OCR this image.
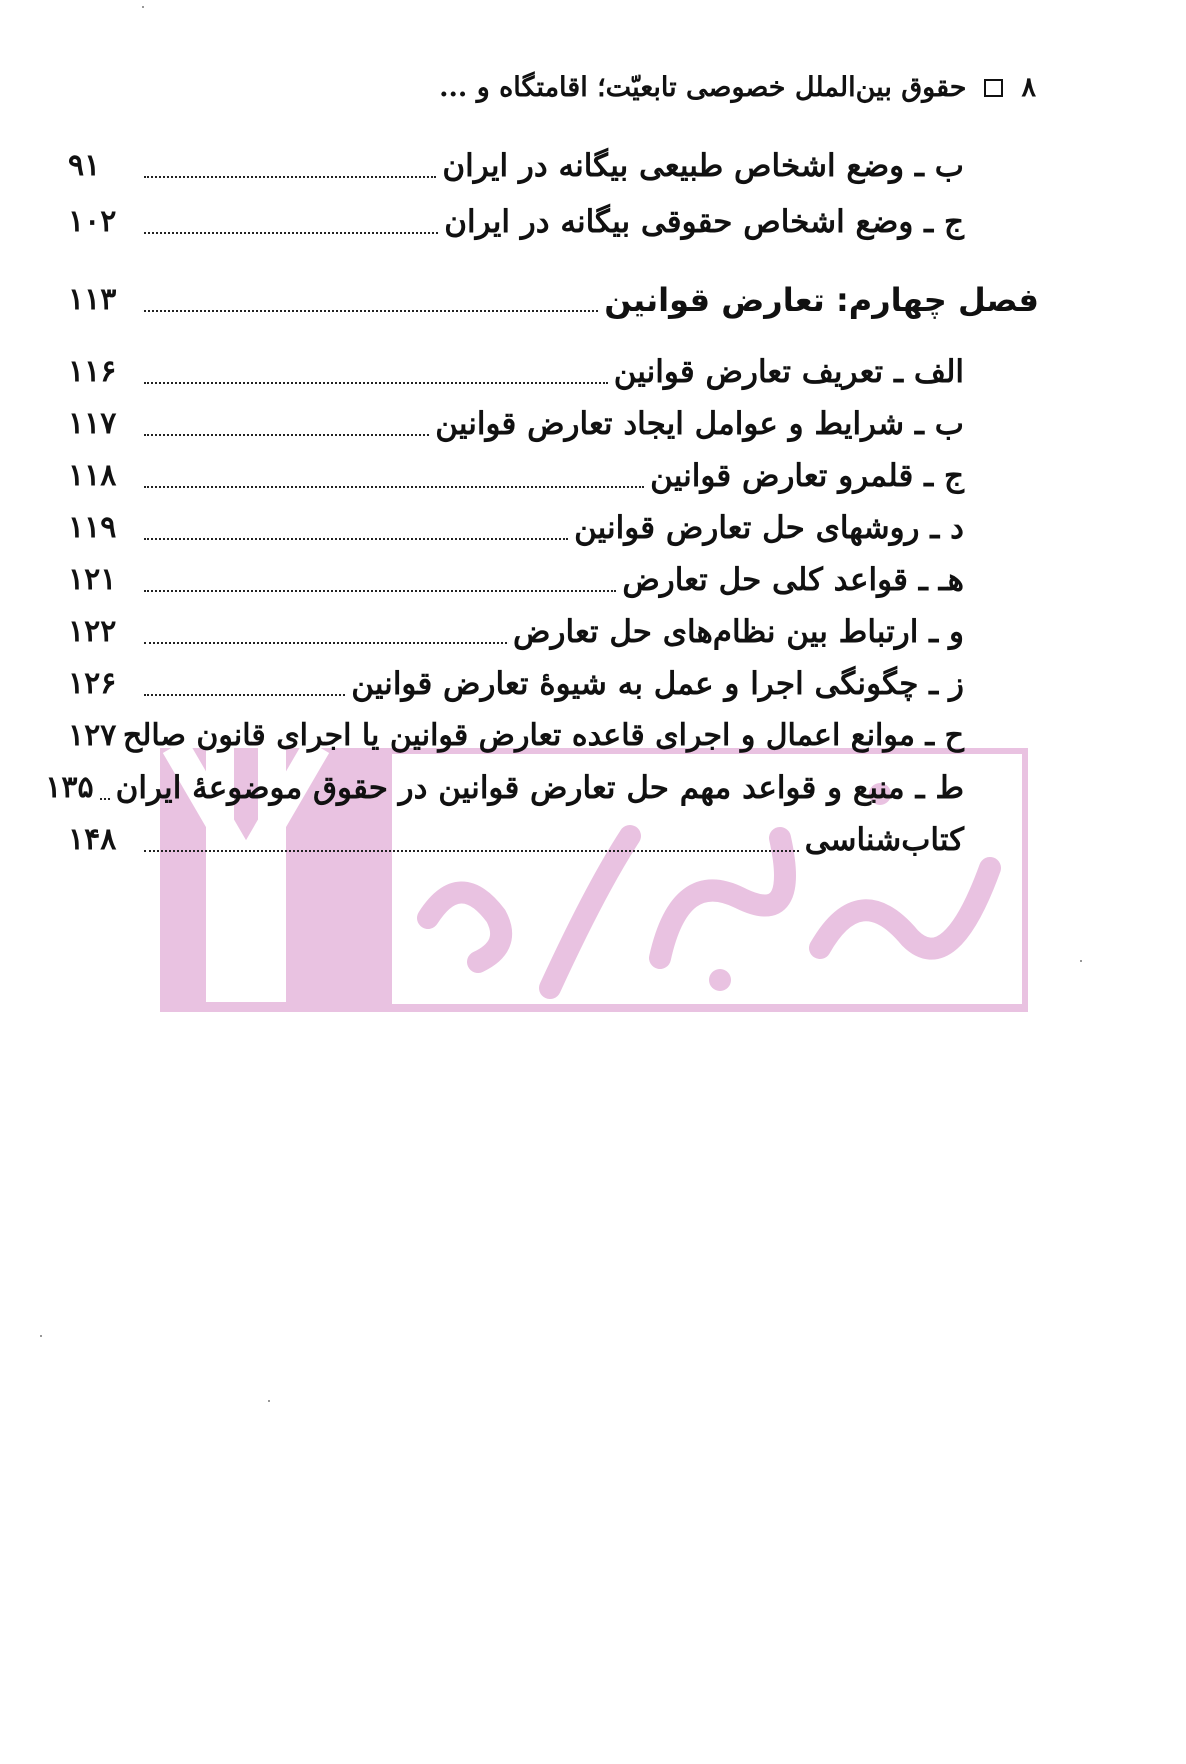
۸
حقوق بین‌الملل خصوصی تابعیّت؛ اقامتگاه و ...
ب ـ وضع اشخاص طبیعی بیگانه در ایران
۹۱
ج ـ وضع اشخاص حقوقی بیگانه در ایران
۱۰۲
فصل چهارم: تعارض قوانین
۱۱۳
الف ـ تعریف تعارض قوانین
۱۱۶
ب ـ شرایط و عوامل ایجاد تعارض قوانین
۱۱۷
ج ـ قلمرو تعارض قوانین
۱۱۸
د ـ روشهای حل تعارض قوانین
۱۱۹
هـ ـ قواعد کلی حل تعارض
۱۲۱
و ـ ارتباط بین نظام‌های حل تعارض
۱۲۲
ز ـ چگونگی اجرا و عمل به شیوهٔ تعارض قوانین
۱۲۶
ح ـ موانع اعمال و اجرای قاعده تعارض قوانین یا اجرای قانون صالح
۱۲۷
ط ـ منبع و قواعد مهم حل تعارض قوانین در حقوق موضوعهٔ ایران
۱۳۵
کتاب‌شناسی
۱۴۸
